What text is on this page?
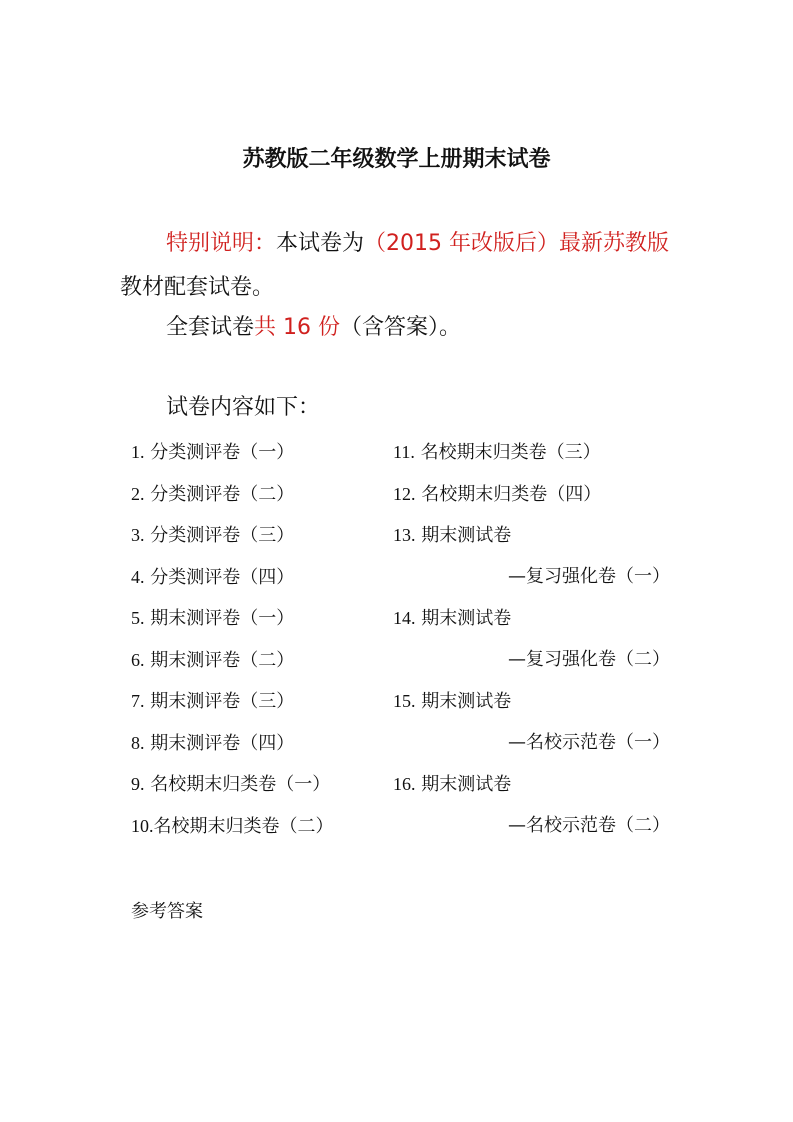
苏教版二年级数学上册期末试卷
特别说明：本试卷为（2015 年改版后）最新苏教版教材配套试卷。
全套试卷共 16 份（含答案）。
试卷内容如下：
1. 分类测评卷（一）
2. 分类测评卷（二）
3. 分类测评卷（三）
4. 分类测评卷（四）
5. 期末测评卷（一）
6. 期末测评卷（二）
7. 期末测评卷（三）
8. 期末测评卷（四）
9. 名校期末归类卷（一）
10.名校期末归类卷（二）
11. 名校期末归类卷（三）
12. 名校期末归类卷（四）
13. 期末测试卷
—复习强化卷（一）
14. 期末测试卷
—复习强化卷（二）
15. 期末测试卷
—名校示范卷（一）
16. 期末测试卷
—名校示范卷（二）
参考答案
